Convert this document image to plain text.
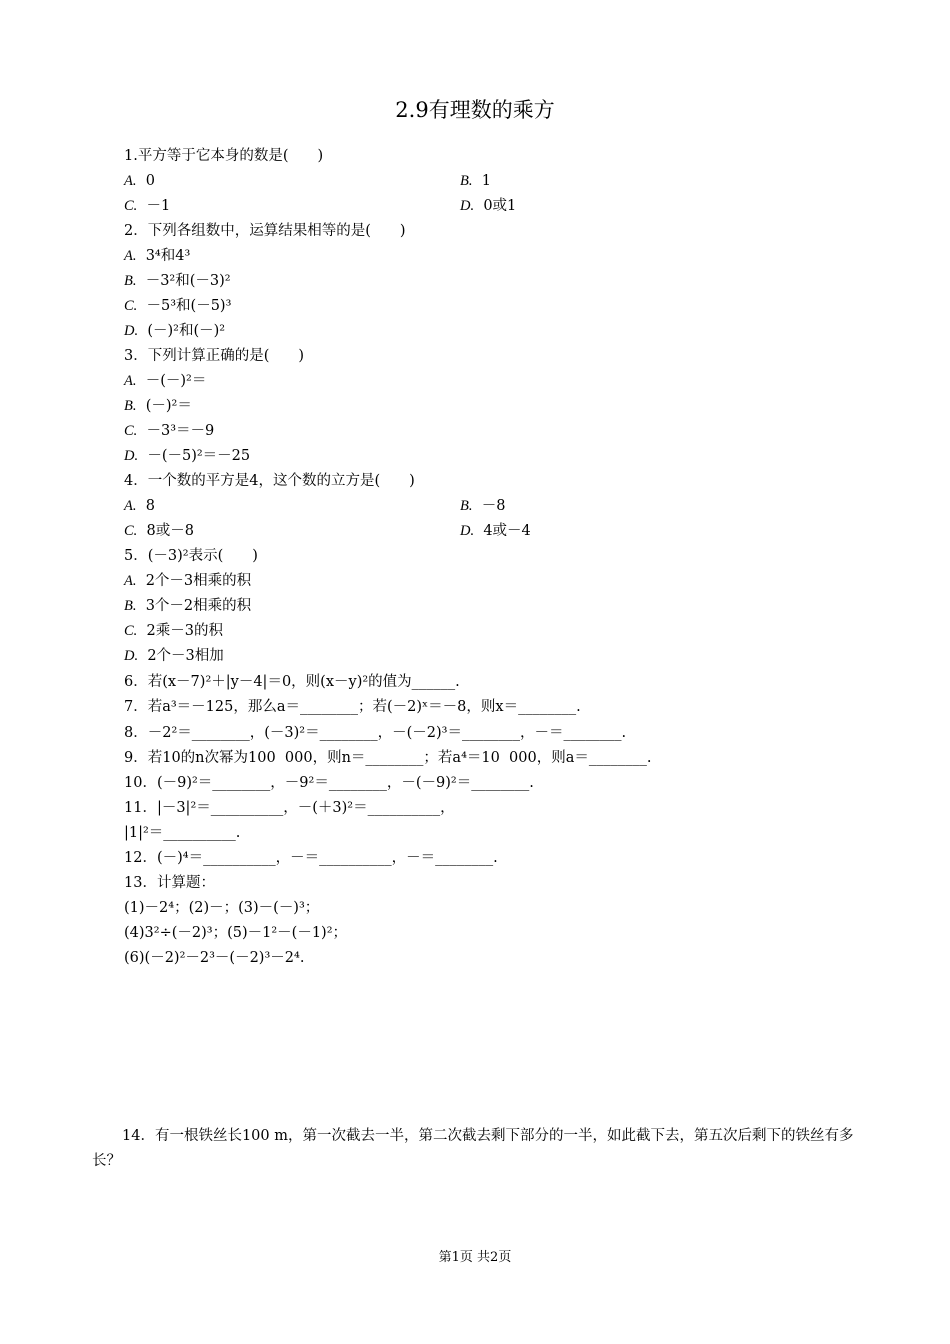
2.9有理数的乘方
1.平方等于它本身的数是(　　)
A. 0	B. 1
C. －1	D. 0或1
2．下列各组数中，运算结果相等的是(　　)
A. 3⁴和4³
B. －3²和(－3)²
C. －5³和(－5)³
D. (－)²和(－)²
3．下列计算正确的是(　　)
A. －(－)²＝
B. (－)²＝
C. －3³＝－9
D. －(－5)²＝－25
4．一个数的平方是4，这个数的立方是(　　)
A. 8	B. －8
C. 8或－8	D. 4或－4
5．(－3)²表示(　　)
A. 2个－3相乘的积
B. 3个－2相乘的积
C. 2乘－3的积
D. 2个－3相加
6．若(x－7)²＋|y－4|＝0，则(x－y)²的值为______.
7．若a³＝－125，那么a＝________；若(－2)ˣ＝－8，则x＝________.
8．－2²＝________，(－3)²＝________，－(－2)³＝________，－＝________.
9．若10的n次幂为100  000，则n＝________；若a⁴＝10  000，则a＝________.
10．(－9)²＝________，－9²＝________，－(－9)²＝________.
11．|－3|²＝__________，－(＋3)²＝__________，
|1|²＝__________.
12．(－)⁴＝__________，－＝__________，－＝________.
13．计算题：
(1)－2⁴；(2)－；(3)－(－)³；
(4)3²÷(－2)³；(5)－1²－(－1)²；
(6)(－2)²－2³－(－2)³－2⁴.
14．有一根铁丝长100 m，第一次截去一半，第二次截去剩下部分的一半，如此截下去，第五次后剩下的铁丝有多长？
第1页 共2页
